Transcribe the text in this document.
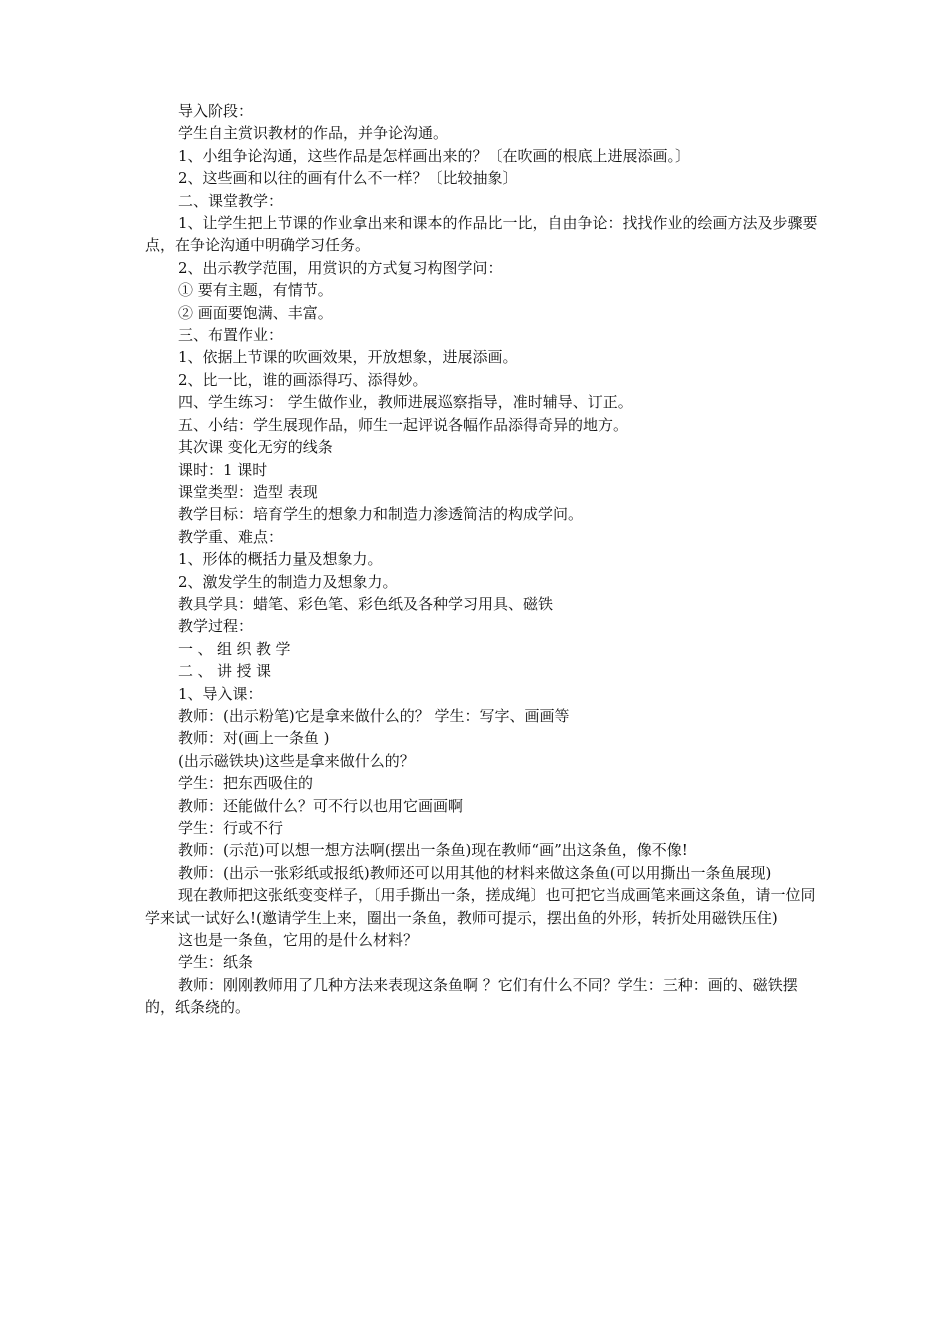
导入阶段：

学生自主赏识教材的作品，并争论沟通。

1、小组争论沟通，这些作品是怎样画出来的？〔在吹画的根底上进展添画。〕

2、这些画和以往的画有什么不一样？〔比较抽象〕

二、课堂教学：

1、让学生把上节课的作业拿出来和课本的作品比一比，自由争论：找找作业的绘画方法及步骤要点，在争论沟通中明确学习任务。

2、出示教学范围，用赏识的方式复习构图学问：

① 要有主题，有情节。

② 画面要饱满、丰富。

三、布置作业：

1、依据上节课的吹画效果，开放想象，进展添画。

2、比一比，谁的画添得巧、添得妙。

四、学生练习： 学生做作业，教师进展巡察指导，准时辅导、订正。

五、小结：学生展现作品，师生一起评说各幅作品添得奇异的地方。

其次课 变化无穷的线条

课时：1 课时

课堂类型：造型 表现

教学目标：培育学生的想象力和制造力渗透简洁的构成学问。

教学重、难点：

1、形体的概括力量及想象力。

2、激发学生的制造力及想象力。

教具学具：蜡笔、彩色笔、彩色纸及各种学习用具、磁铁

教学过程：

一、组织教学

二、讲授课

1、导入课：

教师：(出示粉笔)它是拿来做什么的？ 学生：写字、画画等

教师：对(画上一条鱼 )

(出示磁铁块)这些是拿来做什么的？

学生：把东西吸住的

教师：还能做什么？可不行以也用它画画啊

学生：行或不行

教师：(示范)可以想一想方法啊(摆出一条鱼)现在教师“画”出这条鱼，像不像!

教师：(出示一张彩纸或报纸)教师还可以用其他的材料来做这条鱼(可以用撕出一条鱼展现)

现在教师把这张纸变变样子，〔用手撕出一条，搓成绳〕也可把它当成画笔来画这条鱼，请一位同学来试一试好么!(邀请学生上来，圈出一条鱼，教师可提示，摆出鱼的外形，转折处用磁铁压住)

这也是一条鱼，它用的是什么材料？

学生：纸条

教师：刚刚教师用了几种方法来表现这条鱼啊 ？它们有什么不同？学生：三种：画的、磁铁摆的，纸条绕的。
